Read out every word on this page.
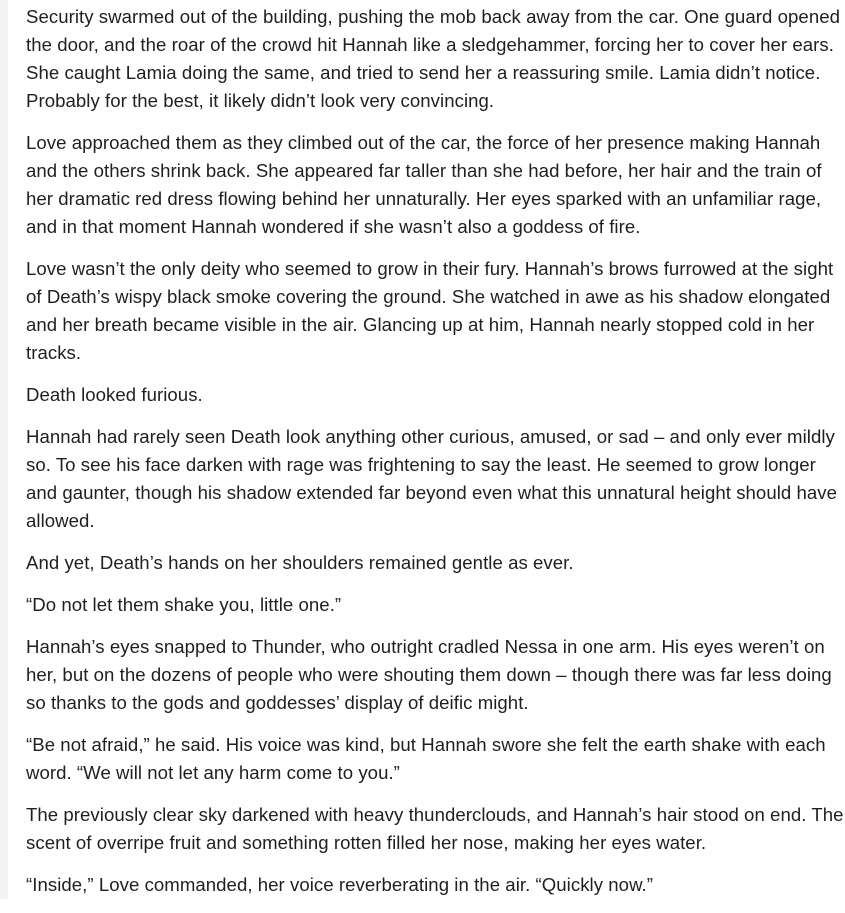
Security swarmed out of the building, pushing the mob back away from the car. One guard opened the door, and the roar of the crowd hit Hannah like a sledgehammer, forcing her to cover her ears. She caught Lamia doing the same, and tried to send her a reassuring smile. Lamia didn’t notice. Probably for the best, it likely didn’t look very convincing.

Love approached them as they climbed out of the car, the force of her presence making Hannah and the others shrink back. She appeared far taller than she had before, her hair and the train of her dramatic red dress flowing behind her unnaturally. Her eyes sparked with an unfamiliar rage, and in that moment Hannah wondered if she wasn’t also a goddess of fire.

Love wasn’t the only deity who seemed to grow in their fury. Hannah’s brows furrowed at the sight of Death’s wispy black smoke covering the ground. She watched in awe as his shadow elongated and her breath became visible in the air. Glancing up at him, Hannah nearly stopped cold in her tracks.

Death looked furious.

Hannah had rarely seen Death look anything other curious, amused, or sad – and only ever mildly so. To see his face darken with rage was frightening to say the least. He seemed to grow longer and gaunter, though his shadow extended far beyond even what this unnatural height should have allowed.

And yet, Death’s hands on her shoulders remained gentle as ever.

“Do not let them shake you, little one.”

Hannah’s eyes snapped to Thunder, who outright cradled Nessa in one arm. His eyes weren’t on her, but on the dozens of people who were shouting them down – though there was far less doing so thanks to the gods and goddesses’ display of deific might.

“Be not afraid,” he said. His voice was kind, but Hannah swore she felt the earth shake with each word. “We will not let any harm come to you.”

The previously clear sky darkened with heavy thunderclouds, and Hannah’s hair stood on end. The scent of overripe fruit and something rotten filled her nose, making her eyes water.

“Inside,” Love commanded, her voice reverberating in the air. “Quickly now.”
